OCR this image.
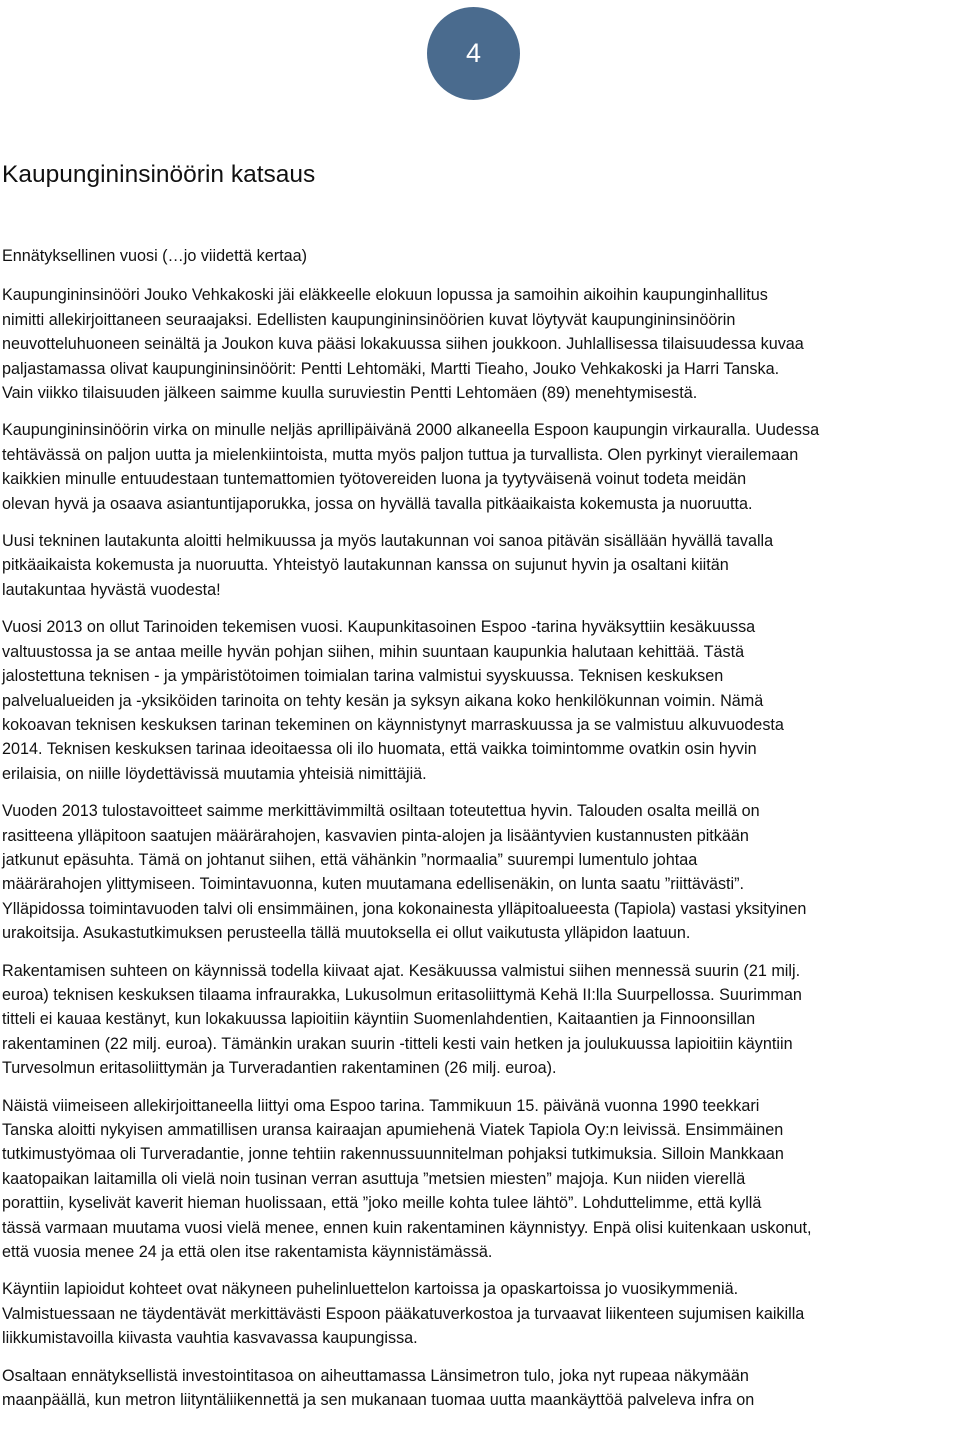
4
Kaupungininsinöörin katsaus
Ennätyksellinen vuosi (…jo viidettä kertaa)

Kaupungininsinööri Jouko Vehkakoski jäi eläkkeelle elokuun lopussa ja samoihin aikoihin kaupunginhallitus
nimitti allekirjoittaneen seuraajaksi. Edellisten kaupungininsinöörien kuvat löytyvät kaupungininsinöörin
neuvotteluhuoneen seinältä ja Joukon kuva pääsi lokakuussa siihen joukkoon. Juhlallisessa tilaisuudessa kuvaa
paljastamassa olivat kaupungininsinöörit: Pentti Lehtomäki, Martti Tieaho, Jouko Vehkakoski ja Harri Tanska.
Vain viikko tilaisuuden jälkeen saimme kuulla suruviestin Pentti Lehtomäen (89) menehtymisestä.

Kaupungininsinöörin virka on minulle neljäs aprillipäivänä 2000 alkaneella Espoon kaupungin virkauralla. Uudessa
tehtävässä on paljon uutta ja mielenkiintoista, mutta myös paljon tuttua ja turvallista. Olen pyrkinyt vierailemaan
kaikkien minulle entuudestaan tuntemattomien työtovereiden luona ja tyytyväisenä voinut todeta meidän
olevan hyvä ja osaava asiantuntijaporukka, jossa on hyvällä tavalla pitkäaikaista kokemusta ja nuoruutta.

Uusi tekninen lautakunta aloitti helmikuussa ja myös lautakunnan voi sanoa pitävän sisällään hyvällä tavalla
pitkäaikaista kokemusta ja nuoruutta. Yhteistyö lautakunnan kanssa on sujunut hyvin ja osaltani kiitän
lautakuntaa hyvästä vuodesta!

Vuosi 2013 on ollut Tarinoiden tekemisen vuosi. Kaupunkitasoinen Espoo -tarina hyväksyttiin kesäkuussa
valtuustossa ja se antaa meille hyvän pohjan siihen, mihin suuntaan kaupunkia halutaan kehittää. Tästä
jalostettuna teknisen - ja ympäristötoimen toimialan tarina valmistui syyskuussa. Teknisen keskuksen
palvelualueiden ja -yksiköiden tarinoita on tehty kesän ja syksyn aikana koko henkilökunnan voimin. Nämä
kokoavan teknisen keskuksen tarinan tekeminen on käynnistynyt marraskuussa ja se valmistuu alkuvuodesta
2014. Teknisen keskuksen tarinaa ideoitaessa oli ilo huomata, että vaikka toimintomme ovatkin osin hyvin
erilaisia, on niille löydettävissä muutamia yhteisiä nimittäjiä.

Vuoden 2013 tulostavoitteet saimme merkittävimmiltä osiltaan toteutettua hyvin. Talouden osalta meillä on
rasitteena ylläpitoon saatujen määrärahojen, kasvavien pinta-alojen ja lisääntyvien kustannusten pitkään
jatkunut epäsuhta. Tämä on johtanut siihen, että vähänkin ”normaalia” suurempi lumentulo johtaa
määrärahojen ylittymiseen. Toimintavuonna, kuten muutamana edellisenäkin, on lunta saatu ”riittävästi”.
Ylläpidossa toimintavuoden talvi oli ensimmäinen, jona kokonainesta ylläpitoalueesta (Tapiola) vastasi yksityinen
urakoitsija. Asukastutkimuksen perusteella tällä muutoksella ei ollut vaikutusta ylläpidon laatuun.

Rakentamisen suhteen on käynnissä todella kiivaat ajat. Kesäkuussa valmistui siihen mennessä suurin (21 milj.
euroa) teknisen keskuksen tilaama infraurakka, Lukusolmun eritasoliittymä Kehä II:lla Suurpellossa. Suurimman
titteli ei kauaa kestänyt, kun lokakuussa lapioitiin käyntiin Suomenlahdentien, Kaitaantien ja Finnoonsillan
rakentaminen (22 milj. euroa). Tämänkin urakan suurin -titteli kesti vain hetken ja joulukuussa lapioitiin käyntiin
Turvesolmun eritasoliittymän ja Turveradantien rakentaminen (26 milj. euroa).

Näistä viimeiseen allekirjoittaneella liittyi oma Espoo tarina. Tammikuun 15. päivänä vuonna 1990 teekkari
Tanska aloitti nykyisen ammatillisen uransa kairaajan apumiehenä Viatek Tapiola Oy:n leivissä. Ensimmäinen
tutkimustyömaa oli Turveradantie, jonne tehtiin rakennussuunnitelman pohjaksi tutkimuksia. Silloin Mankkaan
kaatopaikan laitamilla oli vielä noin tusinan verran asuttuja ”metsien miesten” majoja. Kun niiden vierellä
porattiin, kyselivät kaverit hieman huolissaan, että ”joko meille kohta tulee lähtö”. Lohduttelimme, että kyllä
tässä varmaan muutama vuosi vielä menee, ennen kuin rakentaminen käynnistyy. Enpä olisi kuitenkaan uskonut,
että vuosia menee 24 ja että olen itse rakentamista käynnistämässä.

Käyntiin lapioidut kohteet ovat näkyneen puhelinluettelon kartoissa ja opaskartoissa jo vuosikymmeniä.
Valmistuessaan ne täydentävät merkittävästi Espoon pääkatuverkostoa ja turvaavat liikenteen sujumisen kaikilla
liikkumistavoilla kiivasta vauhtia kasvavassa kaupungissa.

Osaltaan ennätyksellistä investointitasoa on aiheuttamassa Länsimetron tulo, joka nyt rupeaa näkymään
maanpäällä, kun metron liityntäliikennettä ja sen mukanaan tuomaa uutta maankäyttöä palveleva infra on
